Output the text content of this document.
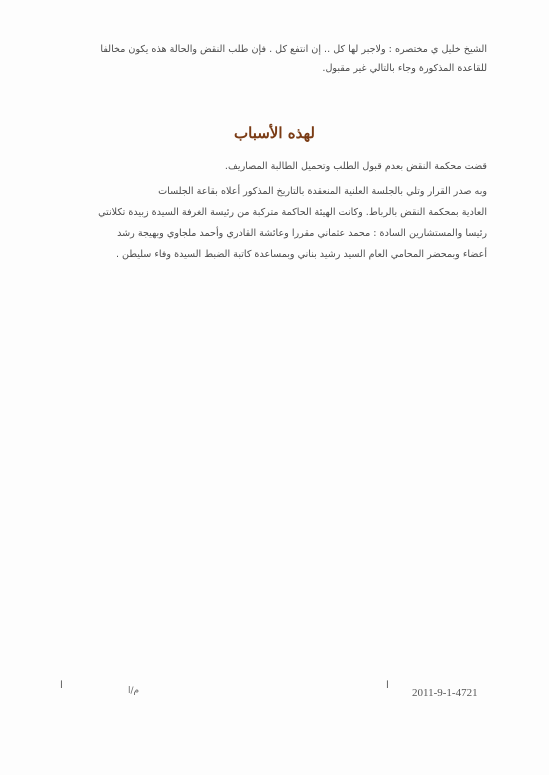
الشيخ خليل ي مختصره : ولاجبر لها كل .. إن انتفع كل . فإن طلب النقض والحالة هذه يكون مخالفا
للقاعدة المذكورة وجاء بالتالي غير مقبول.
لهذه الأسباب
قضت محكمة النقض بعدم قبول الطلب وتحميل الطالبة المصاريف.
وبه صدر القرار وتلي بالجلسة العلنية المنعقدة بالتاريخ المذكور أعلاه بقاعة الجلسات
العادية بمحكمة النقض بالرباط. وكانت الهيئة الحاكمة متركبة من رئيسة الغرفة السيدة زبيدة تكلانتي
رئيسا والمستشارين السادة : محمد عثماني مقررا وعائشة القادري وأحمد ملجاوي وبهيجة رشد
أعضاء وبمحضر المحامي العام السيد رشيد بناني وبمساعدة كاتبة الضبط السيدة وفاء سليطن .
ا	م/ا	ا
2011-9-1-4721
